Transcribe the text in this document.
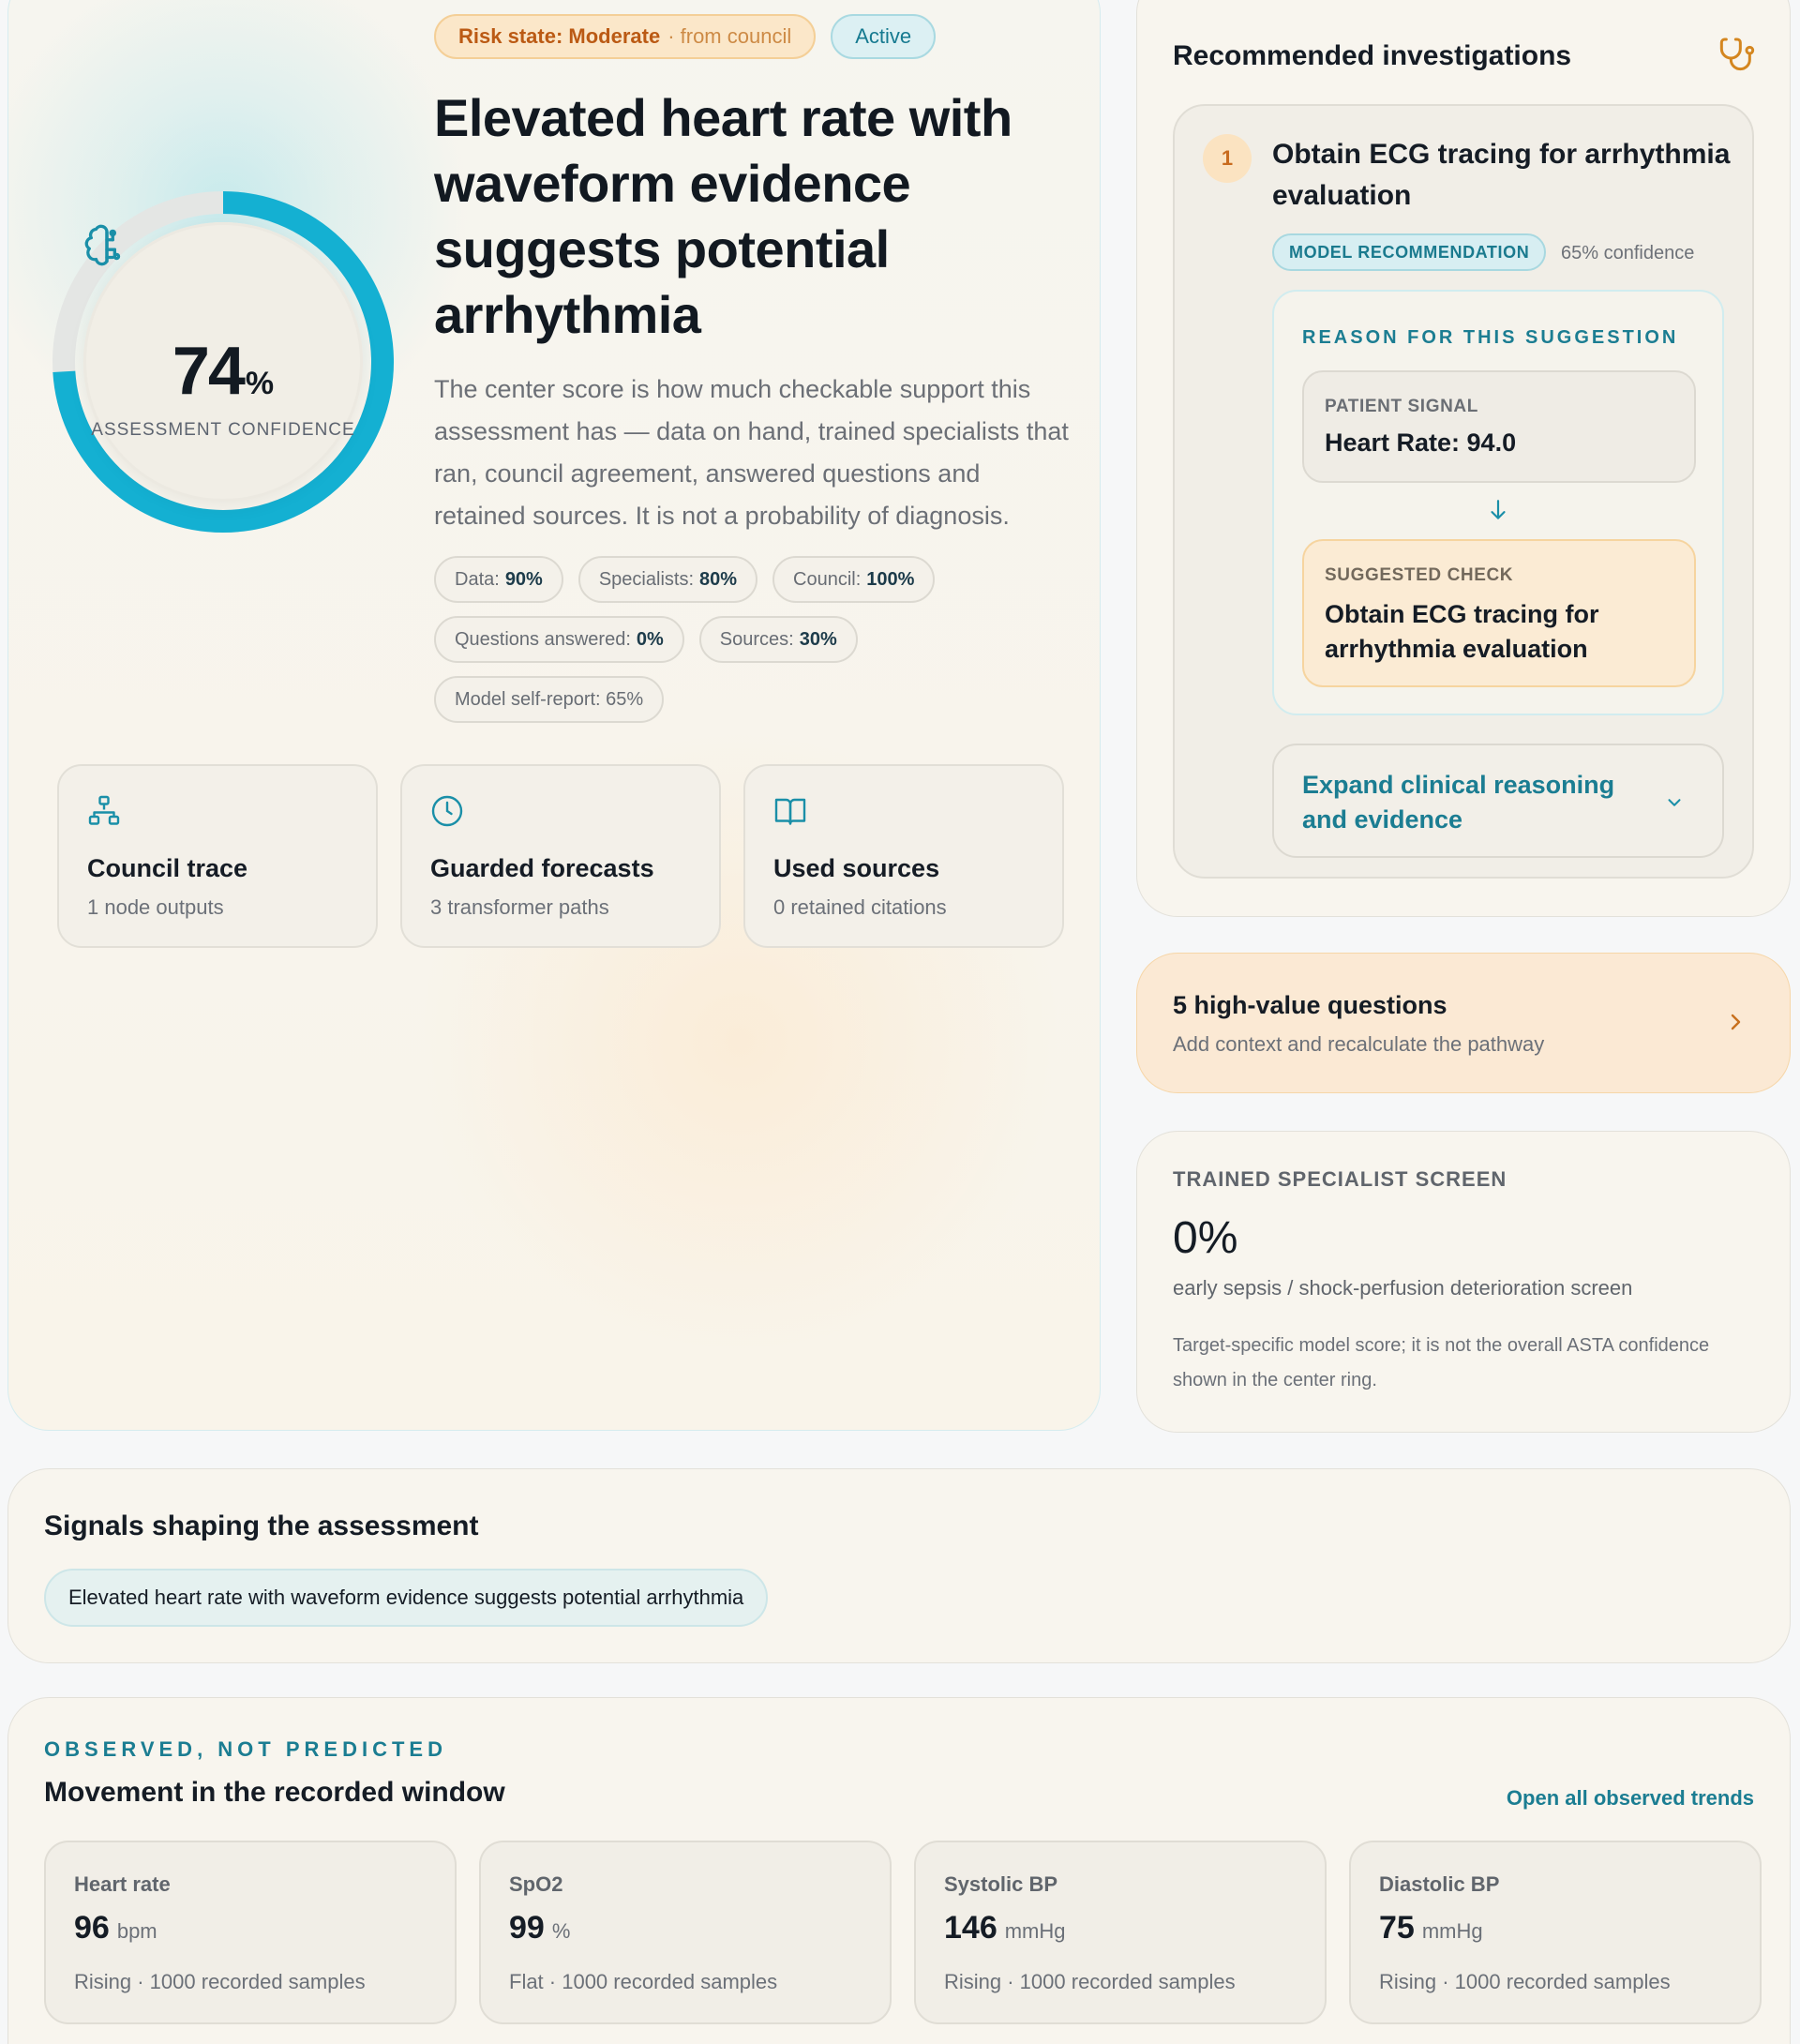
74%
ASSESSMENT CONFIDENCE
Risk state: Moderate · from council	Active
Elevated heart rate with waveform evidence suggests potential arrhythmia
The center score is how much checkable support this assessment has — data on hand, trained specialists that ran, council agreement, answered questions and retained sources. It is not a probability of diagnosis.
Data: 90%	Specialists: 80%	Council: 100%
Questions answered: 0%	Sources: 30%
Model self-report: 65%
Council trace
1 node outputs
Guarded forecasts
3 transformer paths
Used sources
0 retained citations
Recommended investigations
1	Obtain ECG tracing for arrhythmia evaluation
MODEL RECOMMENDATION	65% confidence
REASON FOR THIS SUGGESTION
PATIENT SIGNAL
Heart Rate: 94.0
SUGGESTED CHECK
Obtain ECG tracing for arrhythmia evaluation
Expand clinical reasoning and evidence
5 high-value questions
Add context and recalculate the pathway
TRAINED SPECIALIST SCREEN
0%
early sepsis / shock-perfusion deterioration screen
Target-specific model score; it is not the overall ASTA confidence shown in the center ring.
Signals shaping the assessment
Elevated heart rate with waveform evidence suggests potential arrhythmia
OBSERVED, NOT PREDICTED
Movement in the recorded window	Open all observed trends
Heart rate
96 bpm
Rising · 1000 recorded samples
SpO2
99 %
Flat · 1000 recorded samples
Systolic BP
146 mmHg
Rising · 1000 recorded samples
Diastolic BP
75 mmHg
Rising · 1000 recorded samples
